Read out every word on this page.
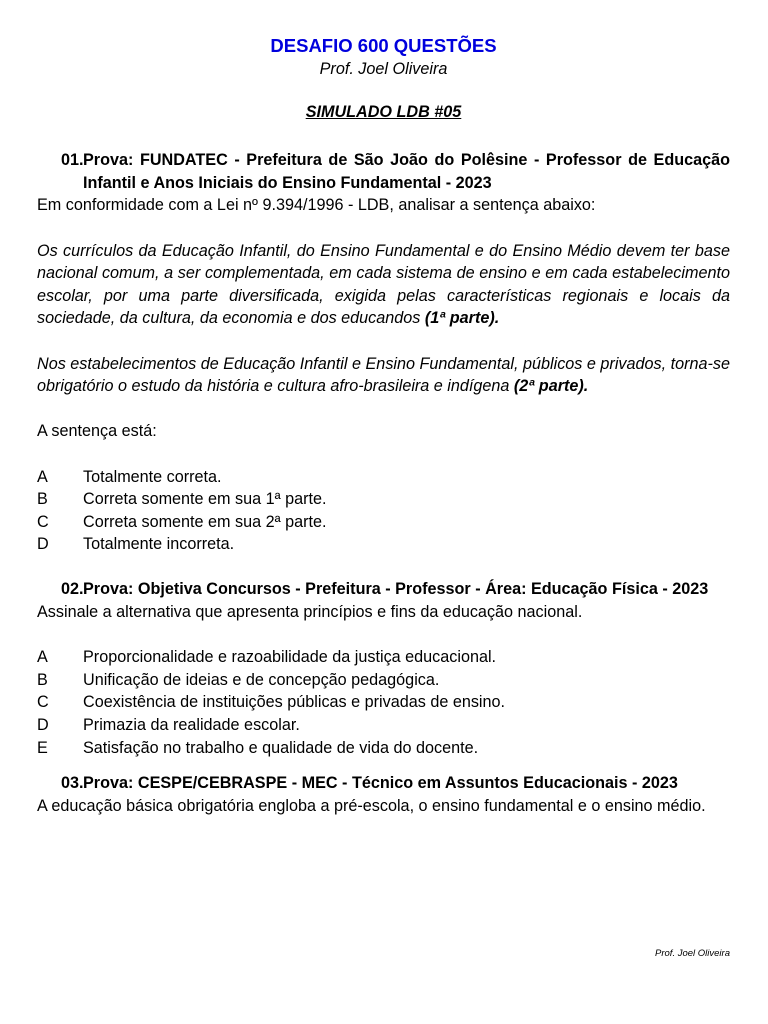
DESAFIO 600 QUESTÕES
Prof. Joel Oliveira
SIMULADO LDB #05
01. Prova: FUNDATEC - Prefeitura de São João do Polêsine - Professor de Educação Infantil e Anos Iniciais do Ensino Fundamental - 2023
Em conformidade com a Lei nº 9.394/1996 - LDB, analisar a sentença abaixo:
Os currículos da Educação Infantil, do Ensino Fundamental e do Ensino Médio devem ter base nacional comum, a ser complementada, em cada sistema de ensino e em cada estabelecimento escolar, por uma parte diversificada, exigida pelas características regionais e locais da sociedade, da cultura, da economia e dos educandos (1ª parte).
Nos estabelecimentos de Educação Infantil e Ensino Fundamental, públicos e privados, torna-se obrigatório o estudo da história e cultura afro-brasileira e indígena (2ª parte).
A sentença está:
A	Totalmente correta.
B	Correta somente em sua 1ª parte.
C	Correta somente em sua 2ª parte.
D	Totalmente incorreta.
02. Prova: Objetiva Concursos - Prefeitura - Professor - Área: Educação Física - 2023
Assinale a alternativa que apresenta princípios e fins da educação nacional.
A	Proporcionalidade e razoabilidade da justiça educacional.
B	Unificação de ideias e de concepção pedagógica.
C	Coexistência de instituições públicas e privadas de ensino.
D	Primazia da realidade escolar.
E	Satisfação no trabalho e qualidade de vida do docente.
03. Prova: CESPE/CEBRASPE - MEC - Técnico em Assuntos Educacionais - 2023
A educação básica obrigatória engloba a pré-escola, o ensino fundamental e o ensino médio.
Prof. Joel Oliveira
